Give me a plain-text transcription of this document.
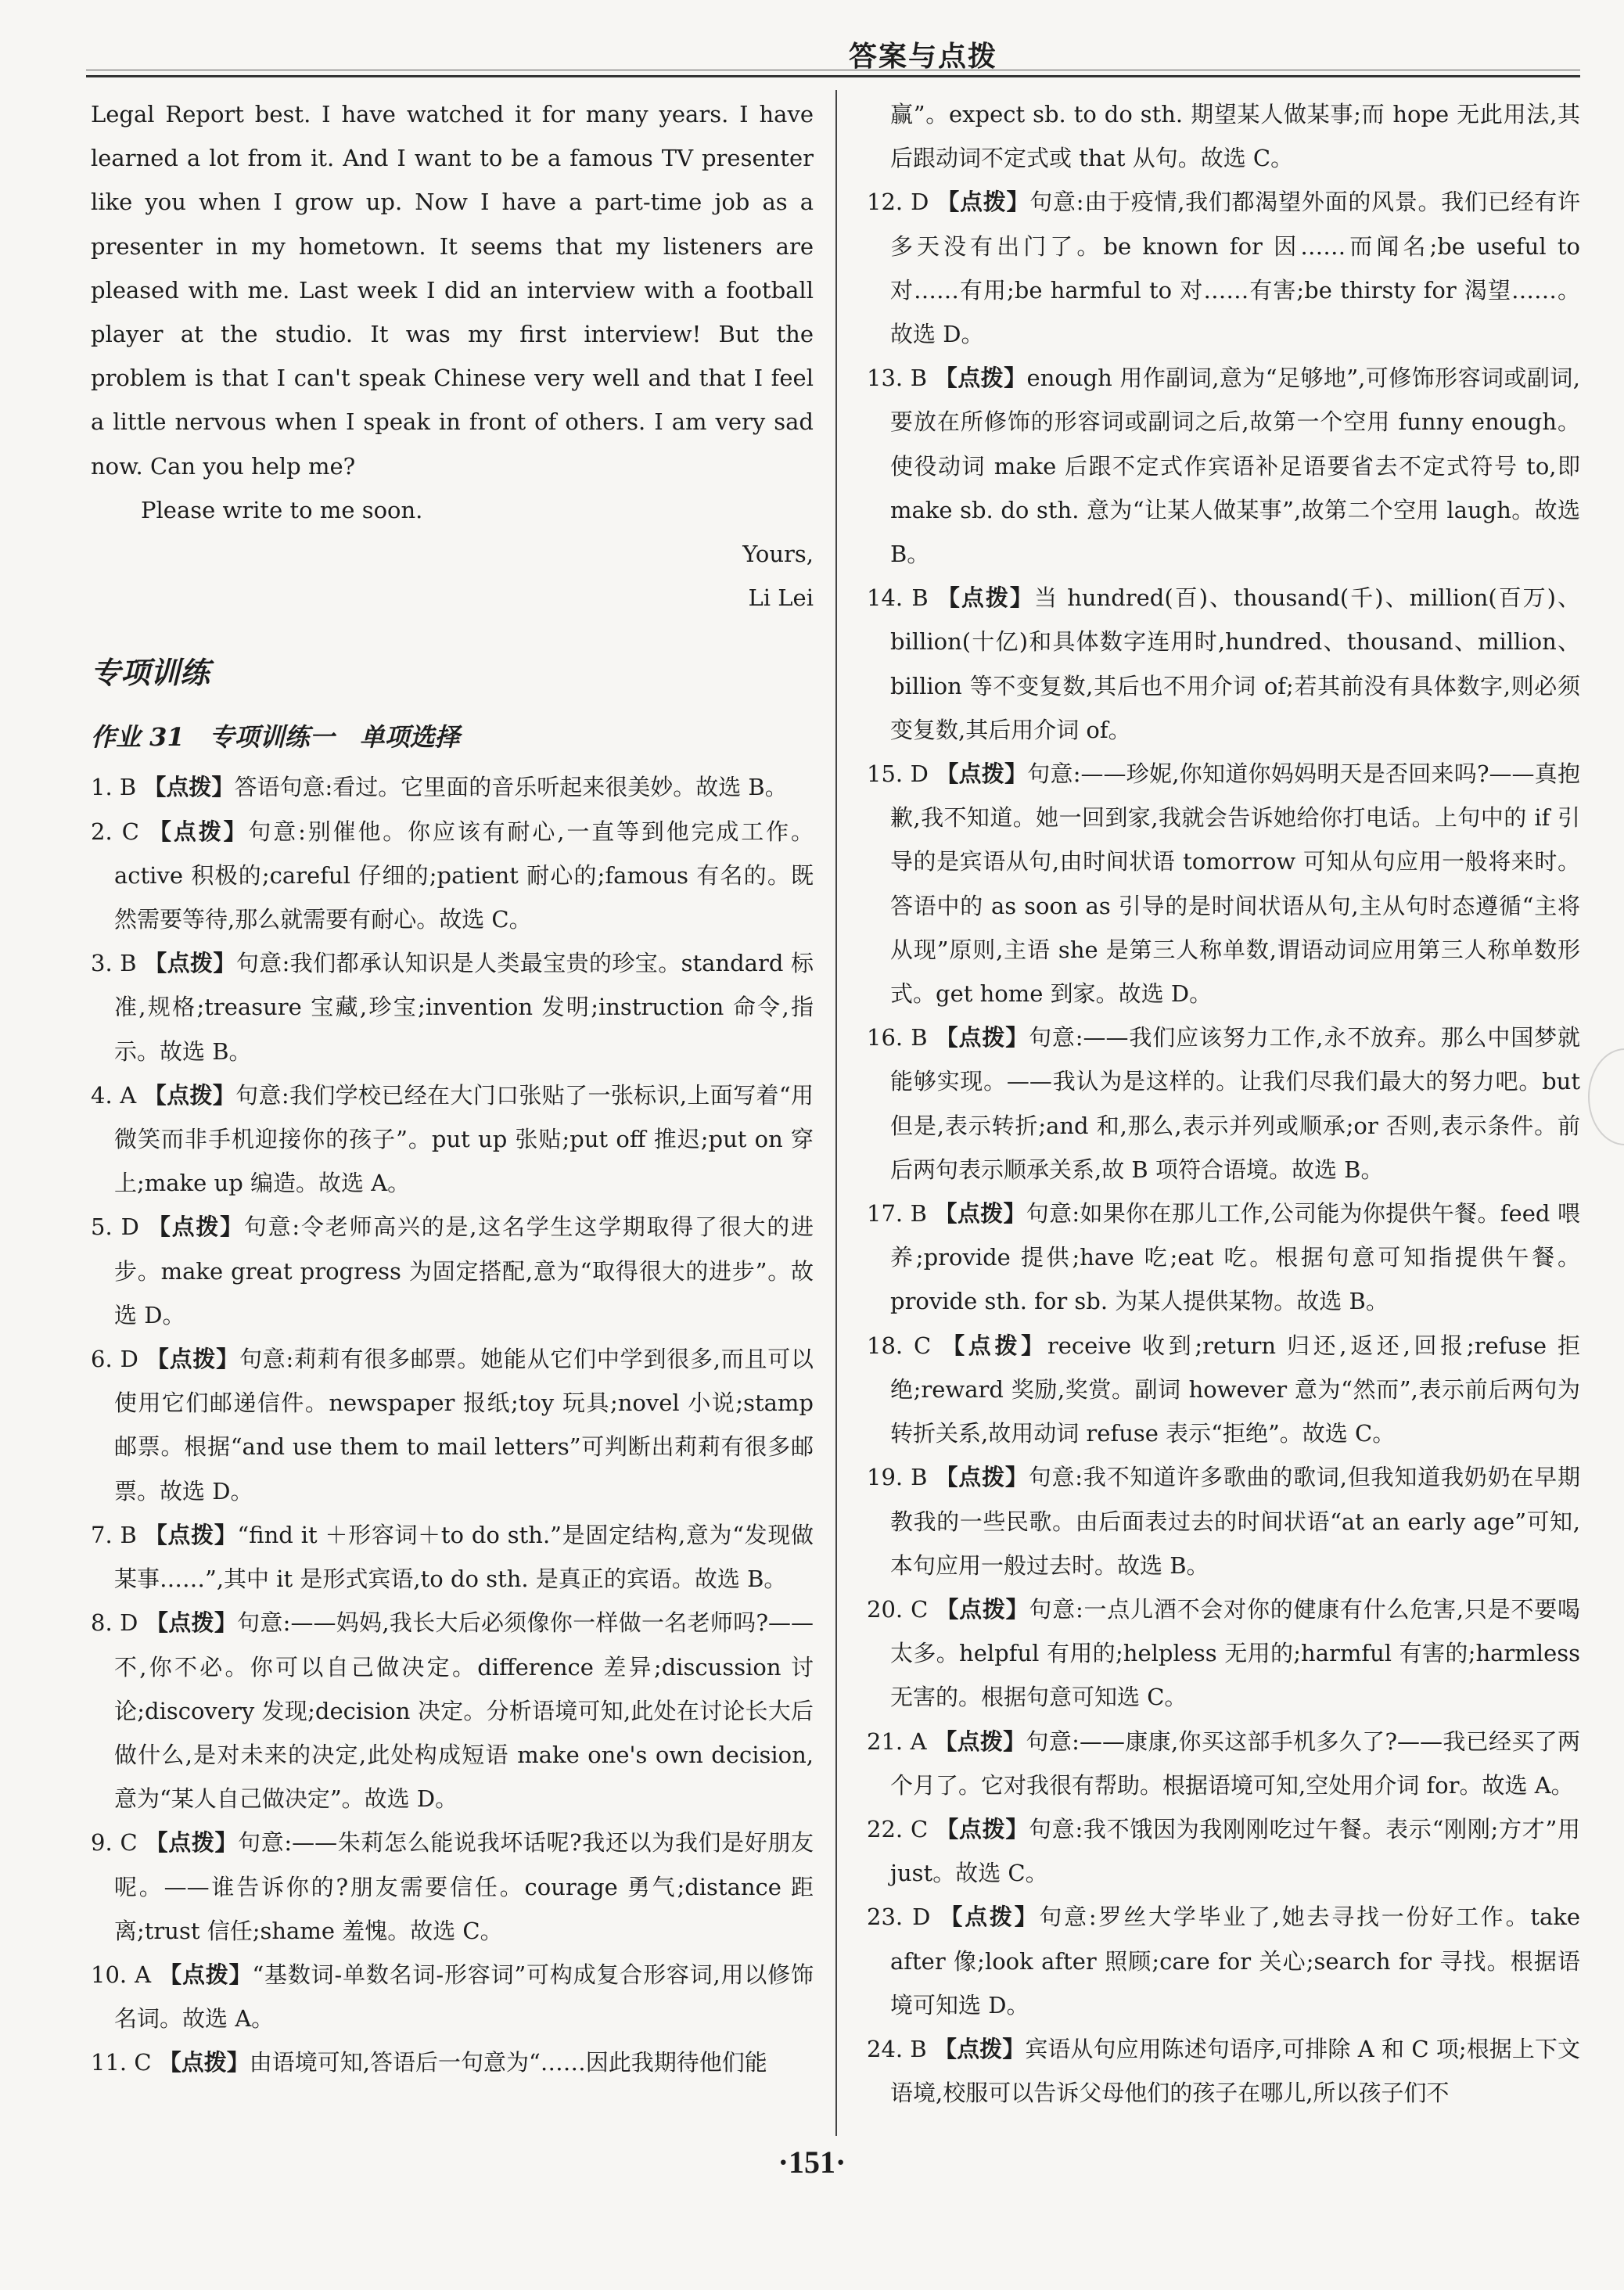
答案与点拨

Legal Report best. I have watched it for many years. I have learned a lot from it. And I want to be a famous TV presenter like you when I grow up. Now I have a part-time job as a presenter in my hometown. It seems that my listeners are pleased with me. Last week I did an interview with a football player at the studio. It was my first interview! But the problem is that I can't speak Chinese very well and that I feel a little nervous when I speak in front of others. I am very sad now. Can you help me?

Please write to me soon.

Yours,

Li Lei

专项训练
作业 31　专项训练一　单项选择

1. B 【点拨】答语句意:看过。它里面的音乐听起来很美妙。故选 B。

2. C 【点拨】句意:别催他。你应该有耐心,一直等到他完成工作。active 积极的;careful 仔细的;patient 耐心的;famous 有名的。既然需要等待,那么就需要有耐心。故选 C。

3. B 【点拨】句意:我们都承认知识是人类最宝贵的珍宝。standard 标准,规格;treasure 宝藏,珍宝;invention 发明;instruction 命令,指示。故选 B。

4. A 【点拨】句意:我们学校已经在大门口张贴了一张标识,上面写着“用微笑而非手机迎接你的孩子”。put up 张贴;put off 推迟;put on 穿上;make up 编造。故选 A。

5. D 【点拨】句意:令老师高兴的是,这名学生这学期取得了很大的进步。make great progress 为固定搭配,意为“取得很大的进步”。故选 D。

6. D 【点拨】句意:莉莉有很多邮票。她能从它们中学到很多,而且可以使用它们邮递信件。newspaper 报纸;toy 玩具;novel 小说;stamp 邮票。根据“and use them to mail letters”可判断出莉莉有很多邮票。故选 D。

7. B 【点拨】“find it ＋形容词＋to do sth.”是固定结构,意为“发现做某事……”,其中 it 是形式宾语,to do sth. 是真正的宾语。故选 B。

8. D 【点拨】句意:——妈妈,我长大后必须像你一样做一名老师吗?——不,你不必。你可以自己做决定。difference 差异;discussion 讨论;discovery 发现;decision 决定。分析语境可知,此处在讨论长大后做什么,是对未来的决定,此处构成短语 make one's own decision,意为“某人自己做决定”。故选 D。

9. C 【点拨】句意:——朱莉怎么能说我坏话呢?我还以为我们是好朋友呢。——谁告诉你的?朋友需要信任。courage 勇气;distance 距离;trust 信任;shame 羞愧。故选 C。

10. A 【点拨】“基数词-单数名词-形容词”可构成复合形容词,用以修饰名词。故选 A。

11. C 【点拨】由语境可知,答语后一句意为“……因此我期待他们能

赢”。expect sb. to do sth. 期望某人做某事;而 hope 无此用法,其后跟动词不定式或 that 从句。故选 C。

12. D 【点拨】句意:由于疫情,我们都渴望外面的风景。我们已经有许多天没有出门了。be known for 因……而闻名;be useful to 对……有用;be harmful to 对……有害;be thirsty for 渴望……。故选 D。

13. B 【点拨】enough 用作副词,意为“足够地”,可修饰形容词或副词,要放在所修饰的形容词或副词之后,故第一个空用 funny enough。使役动词 make 后跟不定式作宾语补足语要省去不定式符号 to,即 make sb. do sth. 意为“让某人做某事”,故第二个空用 laugh。故选 B。

14. B 【点拨】当 hundred(百)、thousand(千)、million(百万)、billion(十亿)和具体数字连用时,hundred、thousand、million、billion 等不变复数,其后也不用介词 of;若其前没有具体数字,则必须变复数,其后用介词 of。

15. D 【点拨】句意:——珍妮,你知道你妈妈明天是否回来吗?——真抱歉,我不知道。她一回到家,我就会告诉她给你打电话。上句中的 if 引导的是宾语从句,由时间状语 tomorrow 可知从句应用一般将来时。答语中的 as soon as 引导的是时间状语从句,主从句时态遵循“主将从现”原则,主语 she 是第三人称单数,谓语动词应用第三人称单数形式。get home 到家。故选 D。

16. B 【点拨】句意:——我们应该努力工作,永不放弃。那么中国梦就能够实现。——我认为是这样的。让我们尽我们最大的努力吧。but 但是,表示转折;and 和,那么,表示并列或顺承;or 否则,表示条件。前后两句表示顺承关系,故 B 项符合语境。故选 B。

17. B 【点拨】句意:如果你在那儿工作,公司能为你提供午餐。feed 喂养;provide 提供;have 吃;eat 吃。根据句意可知指提供午餐。provide sth. for sb. 为某人提供某物。故选 B。

18. C 【点拨】receive 收到;return 归还,返还,回报;refuse 拒绝;reward 奖励,奖赏。副词 however 意为“然而”,表示前后两句为转折关系,故用动词 refuse 表示“拒绝”。故选 C。

19. B 【点拨】句意:我不知道许多歌曲的歌词,但我知道我奶奶在早期教我的一些民歌。由后面表过去的时间状语“at an early age”可知,本句应用一般过去时。故选 B。

20. C 【点拨】句意:一点儿酒不会对你的健康有什么危害,只是不要喝太多。helpful 有用的;helpless 无用的;harmful 有害的;harmless 无害的。根据句意可知选 C。

21. A 【点拨】句意:——康康,你买这部手机多久了?——我已经买了两个月了。它对我很有帮助。根据语境可知,空处用介词 for。故选 A。

22. C 【点拨】句意:我不饿因为我刚刚吃过午餐。表示“刚刚;方才”用 just。故选 C。

23. D 【点拨】句意:罗丝大学毕业了,她去寻找一份好工作。take after 像;look after 照顾;care for 关心;search for 寻找。根据语境可知选 D。

24. B 【点拨】宾语从句应用陈述句语序,可排除 A 和 C 项;根据上下文语境,校服可以告诉父母他们的孩子在哪儿,所以孩子们不

·151·
